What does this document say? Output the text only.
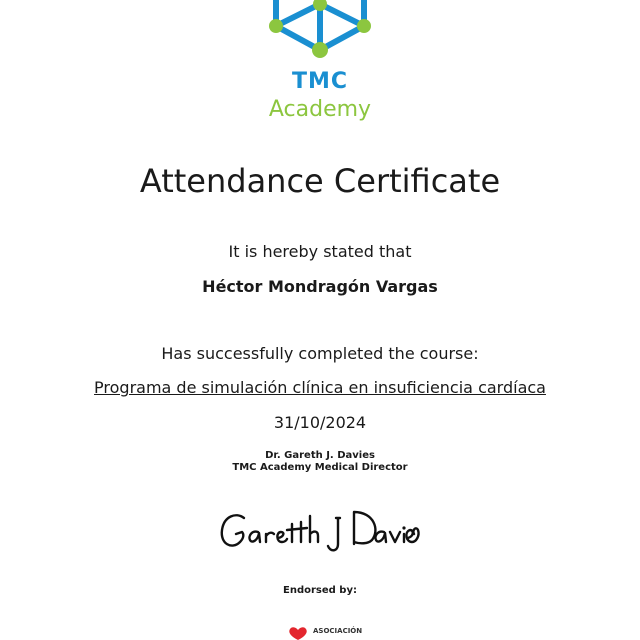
TMC
Academy
Attendance Certificate
It is hereby stated that
Héctor Mondragón Vargas
Has successfully completed the course:
Programa de simulación clínica en insuficiencia cardíaca
31/10/2024
Dr. Gareth J. Davies
TMC Academy Medical Director
Endorsed by:
ASOCIACIÓN
